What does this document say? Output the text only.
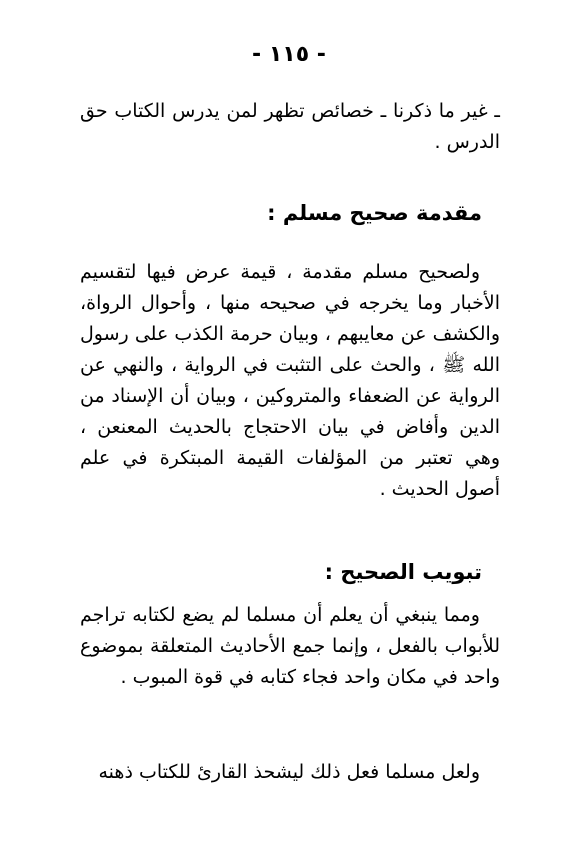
- ١١٥ -

ـ غير ما ذكرنا ـ خصائص تظهر لمن يدرس الكتاب حق الدرس .

مقدمة صحيح مسلم :

ولصحيح مسلم مقدمة ، قيمة عرض فيها لتقسيم الأخبار وما يخرجه في صحيحه منها ، وأحوال الرواة، والكشف عن معايبهم ، وبيان حرمة الكذب على رسول الله ﷺ ، والحث على التثبت في الرواية ، والنهي عن الرواية عن الضعفاء والمتروكين ، وبيان أن الإسناد من الدين وأفاض في بيان الاحتجاج بالحديث المعنعن ، وهي تعتبر من المؤلفات القيمة المبتكرة في علم أصول الحديث .

تبويب الصحيح :

ومما ينبغي أن يعلم أن مسلما لم يضع لكتابه تراجم للأبواب بالفعل ، وإنما جمع الأحاديث المتعلقة بموضوع واحد في مكان واحد فجاء كتابه في قوة المبوب .

ولعل مسلما فعل ذلك ليشحذ القارئ للكتاب ذهنه
